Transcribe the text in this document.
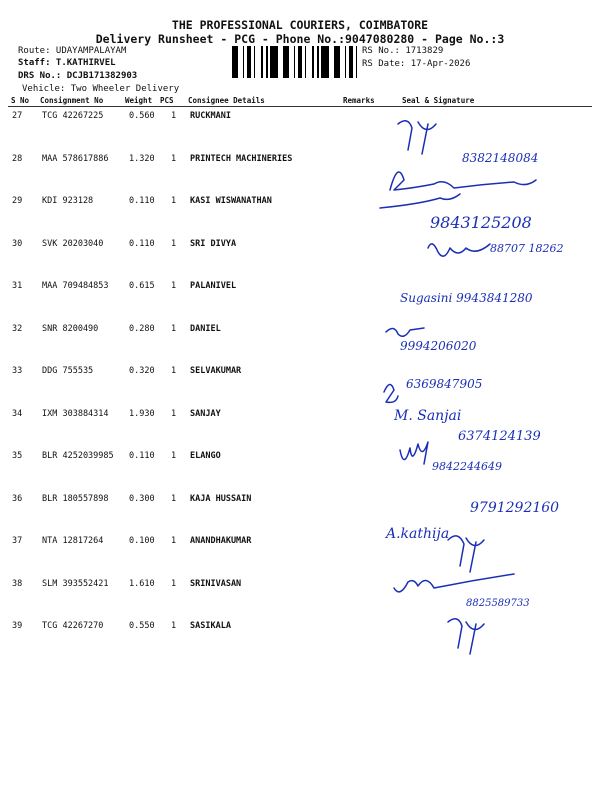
THE PROFESSIONAL COURIERS, COIMBATORE
Delivery Runsheet - PCG - Phone No.:9047080280 - Page No.:3
Route: UDAYAMPALAYAM
Staff: T.KATHIRVEL
DRS No.: DCJB171382903
Vehicle: Two Wheeler Delivery
RS No.: 1713829
RS Date: 17-Apr-2026
S No Consignment No	Weight PCS Consignee Details	Remarks	Seal & Signature
27 TCG 42267225	0.560 1 RUCKMANI
28 MAA 578617886 1.320 1 PRINTECH MACHINERIES
29 KDI 923128	0.110 1 KASI WISWANATHAN
30 SVK 20203040	0.110 1 SRI DIVYA
31 MAA 709484853 0.615 1 PALANIVEL
32 SNR 8200490	0.280 1 DANIEL
33 DDG 755535	0.320 1 SELVAKUMAR
34 IXM 303884314 1.930 1 SANJAY
35 BLR 4252039985 0.110 1 ELANGO
36 BLR 180557898 0.300 1 KAJA HUSSAIN
37 NTA 12817264	0.100 1 ANANDHAKUMAR
38 SLM 393552421 1.610 1 SRINIVASAN
39 TCG 42267270	0.550 1 SASIKALA
8382148084
9843125208
88707 18262
Sugasini 9943841280
9994206020
6369847905
M. Sanjai
6374124139
9842244649
9791292160
A.kathija
8825589733
